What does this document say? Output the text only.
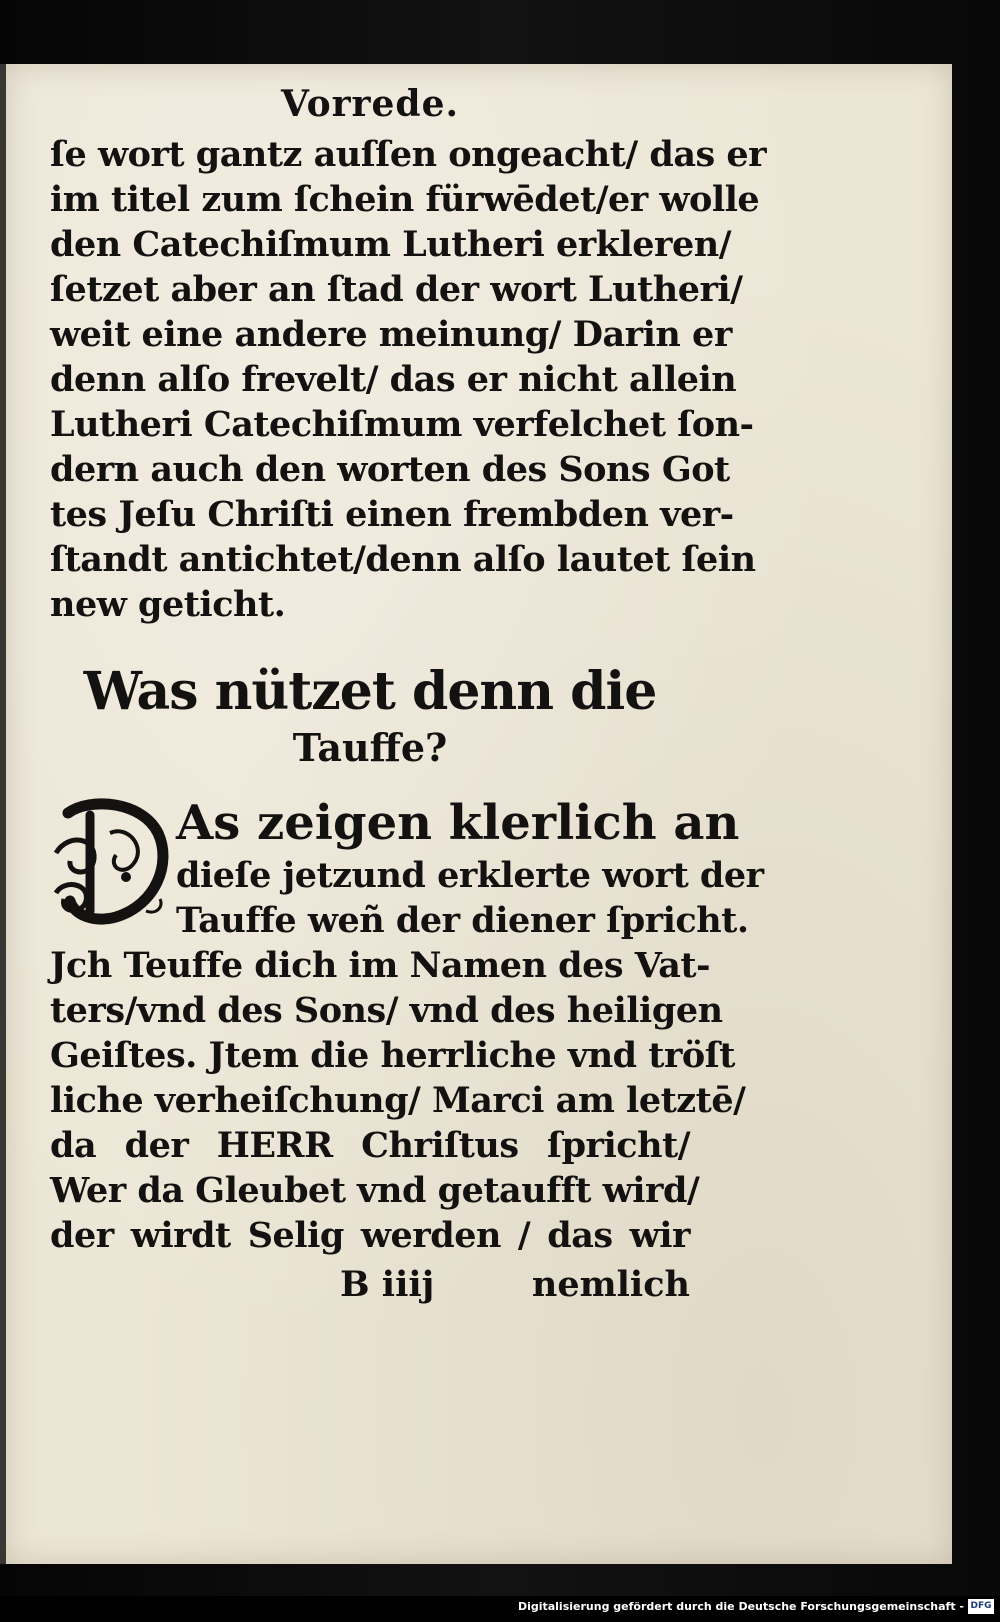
Vorrede.
ſe wort gantz auſſen ongeacht/ das er
im titel zum ſchein fürwēdet/er wolle
den Catechiſmum Lutheri erkleren/
ſetzet aber an ſtad der wort Lutheri/
weit eine andere meinung/ Darin er
denn alſo frevelt/ das er nicht allein
Lutheri Catechiſmum verfelchet ſon-
dern auch den worten des Sons Got
tes Jeſu Chriſti einen frembden ver-
ſtandt antichtet/denn alſo lautet ſein
new geticht.
Was nützet denn die
Tauffe?
As zeigen klerlich an
dieſe jetzund erklerte wort der
Tauffe weñ der diener ſpricht.
Jch Teuffe dich im Namen des Vat-
ters/vnd des Sons/ vnd des heiligen
Geiſtes. Jtem die herrliche vnd tröſt
liche verheiſchung/ Marci am letztē/
da der HERR Chriſtus ſpricht/
Wer da Gleubet vnd getaufft wird/
der wirdt Selig werden / das wir
B iiij	nemlich
Digitalisierung gefördert durch die Deutsche Forschungsgemeinschaft - DFG
